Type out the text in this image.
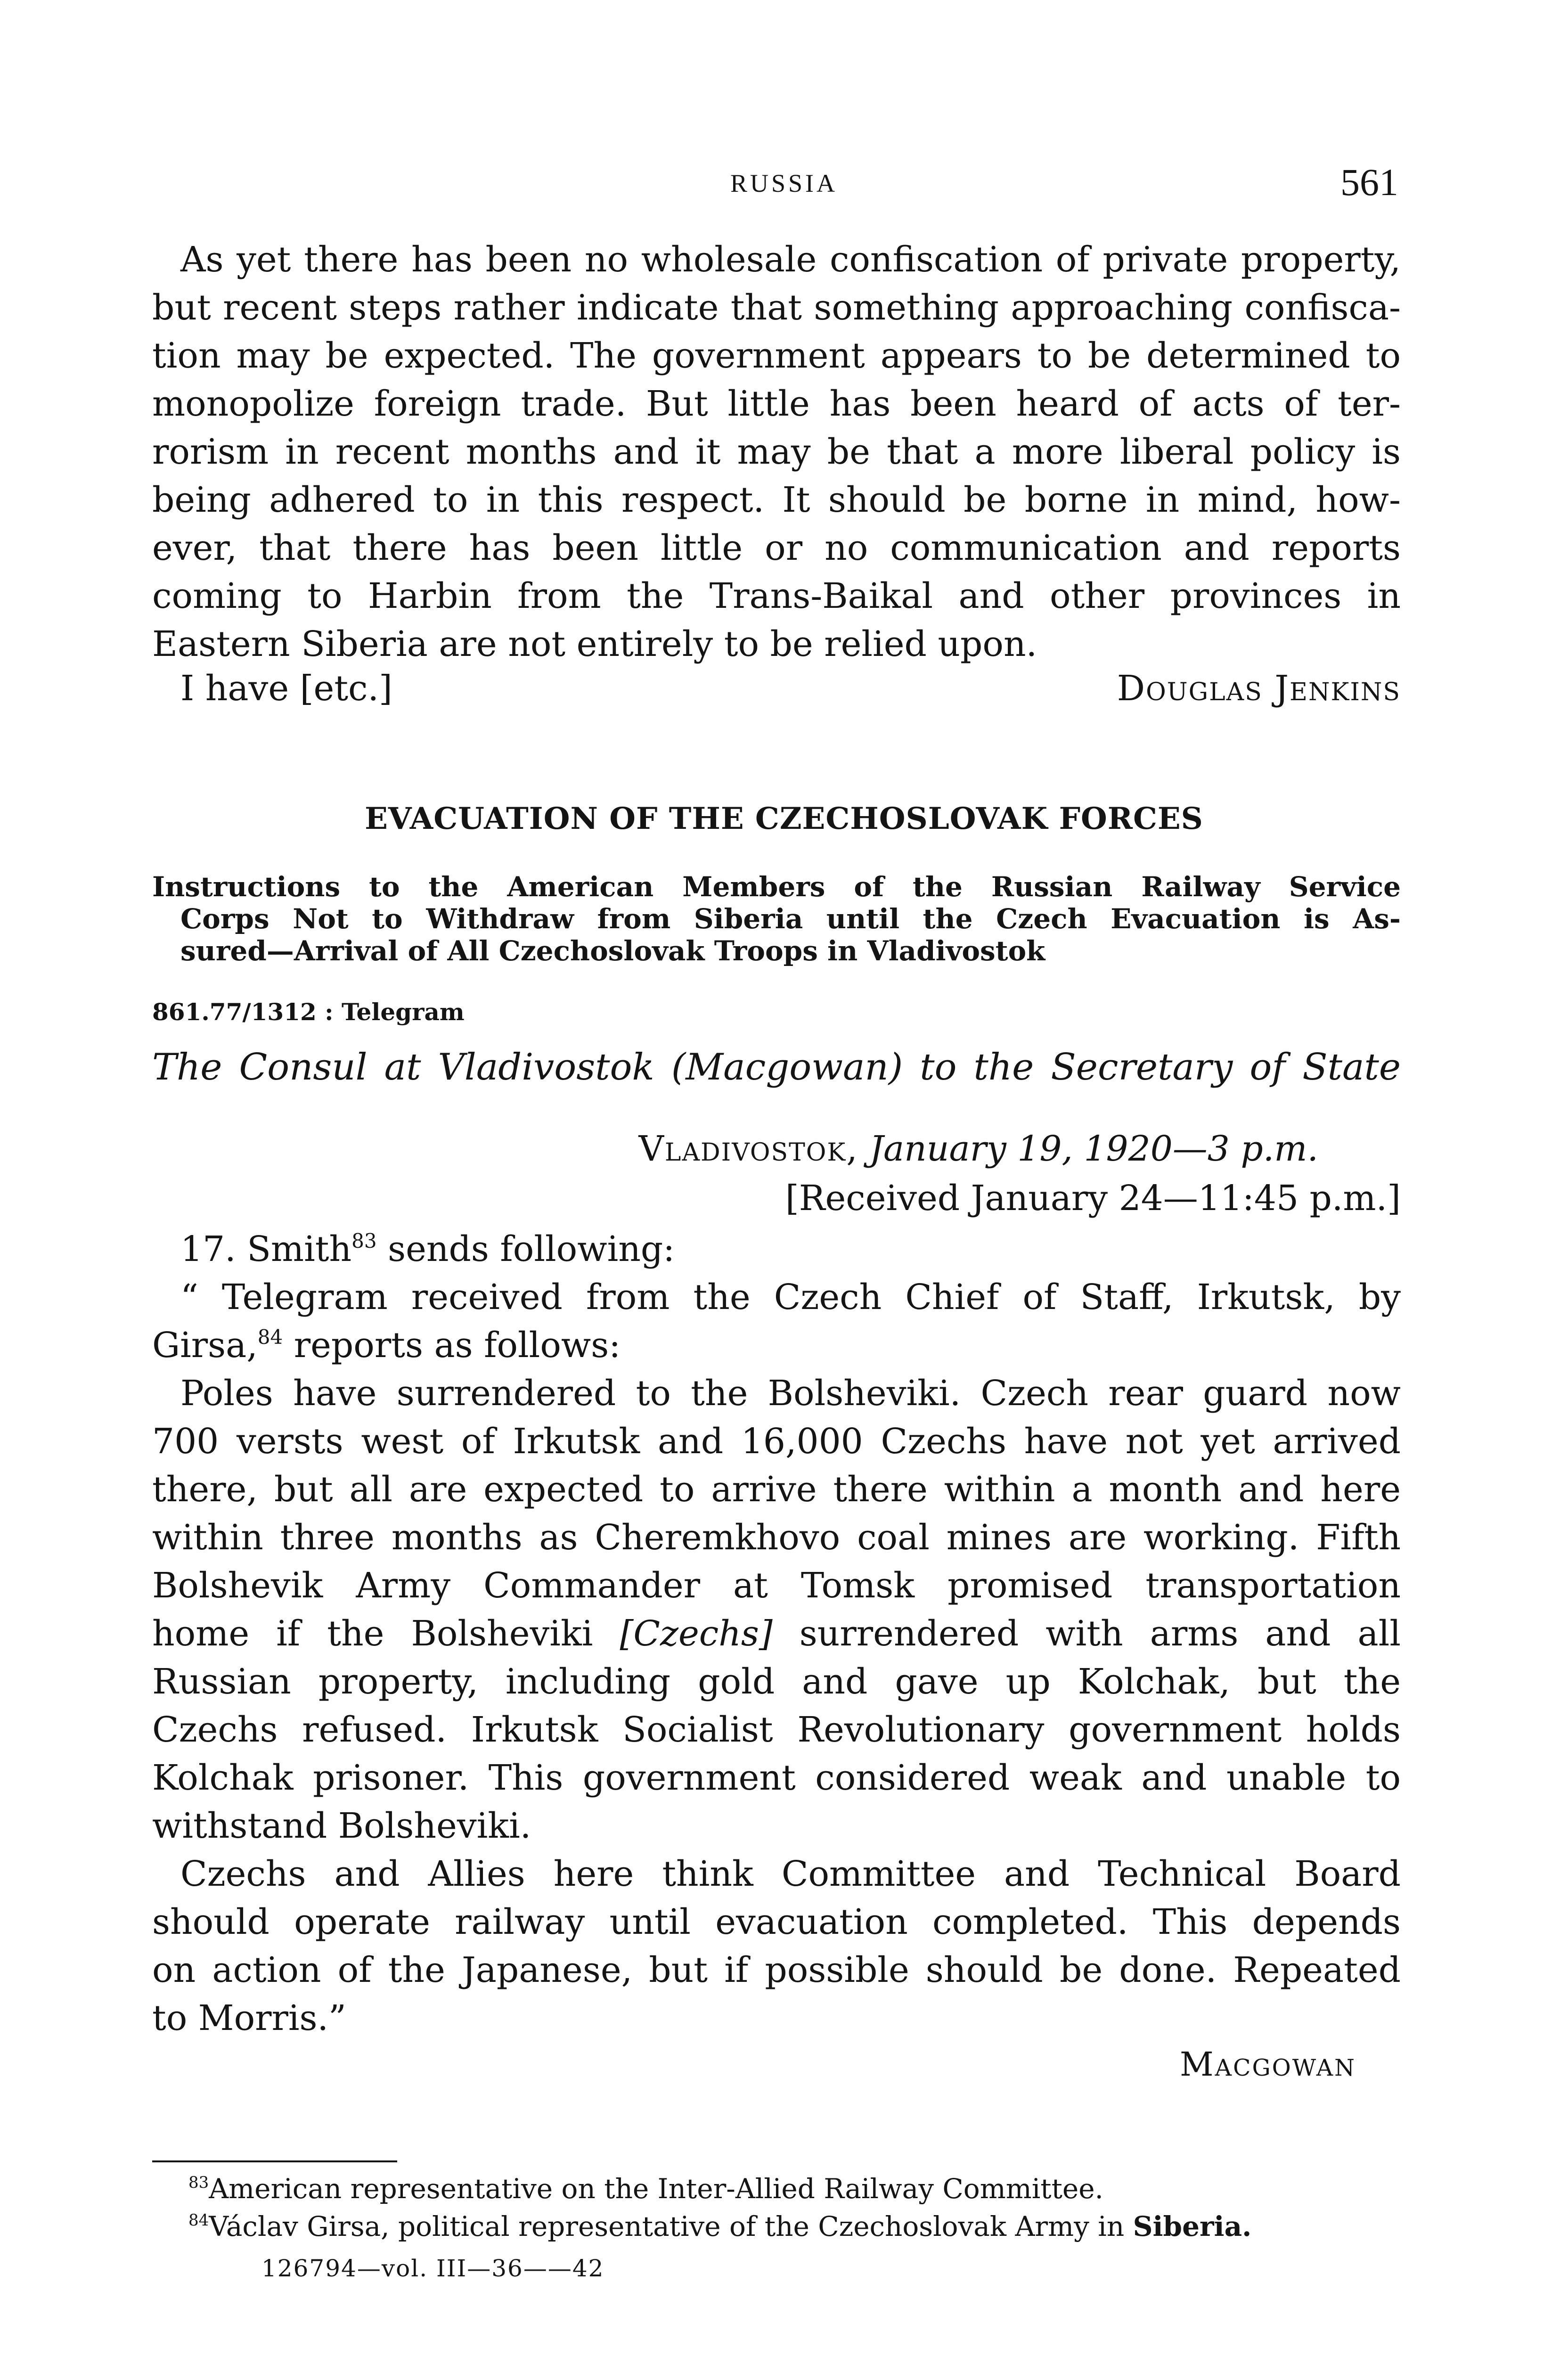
RUSSIA	561
As yet there has been no wholesale confiscation of private property,
but recent steps rather indicate that something approaching confisca-
tion may be expected. The government appears to be determined to
monopolize foreign trade. But little has been heard of acts of ter-
rorism in recent months and it may be that a more liberal policy is
being adhered to in this respect. It should be borne in mind, how-
ever, that there has been little or no communication and reports
coming to Harbin from the Trans-Baikal and other provinces in
Eastern Siberia are not entirely to be relied upon.
I have [etc.]	Douglas Jenkins
EVACUATION OF THE CZECHOSLOVAK FORCES
Instructions to the American Members of the Russian Railway Service
Corps Not to Withdraw from Siberia until the Czech Evacuation is As-
sured—Arrival of All Czechoslovak Troops in Vladivostok
861.77/1312 : Telegram
The Consul at Vladivostok (Macgowan) to the Secretary of State
Vladivostok, January 19, 1920—3 p.m.
[Received January 24—11:45 p.m.]
17. Smith$^{83}$ sends following:
“ Telegram received from the Czech Chief of Staff, Irkutsk, by
Girsa,$^{84}$ reports as follows:
Poles have surrendered to the Bolsheviki. Czech rear guard now
700 versts west of Irkutsk and 16,000 Czechs have not yet arrived
there, but all are expected to arrive there within a month and here
within three months as Cheremkhovo coal mines are working. Fifth
Bolshevik Army Commander at Tomsk promised transportation
home if the Bolsheviki [Czechs] surrendered with arms and all
Russian property, including gold and gave up Kolchak, but the
Czechs refused. Irkutsk Socialist Revolutionary government holds
Kolchak prisoner. This government considered weak and unable to
withstand Bolsheviki.
Czechs and Allies here think Committee and Technical Board
should operate railway until evacuation completed. This depends
on action of the Japanese, but if possible should be done. Repeated
to Morris.”
Macgowan
$^{83}$American representative on the Inter-Allied Railway Committee.
$^{84}$Václav Girsa, political representative of the Czechoslovak Army in Siberia.
126794—vol. III—36——42
